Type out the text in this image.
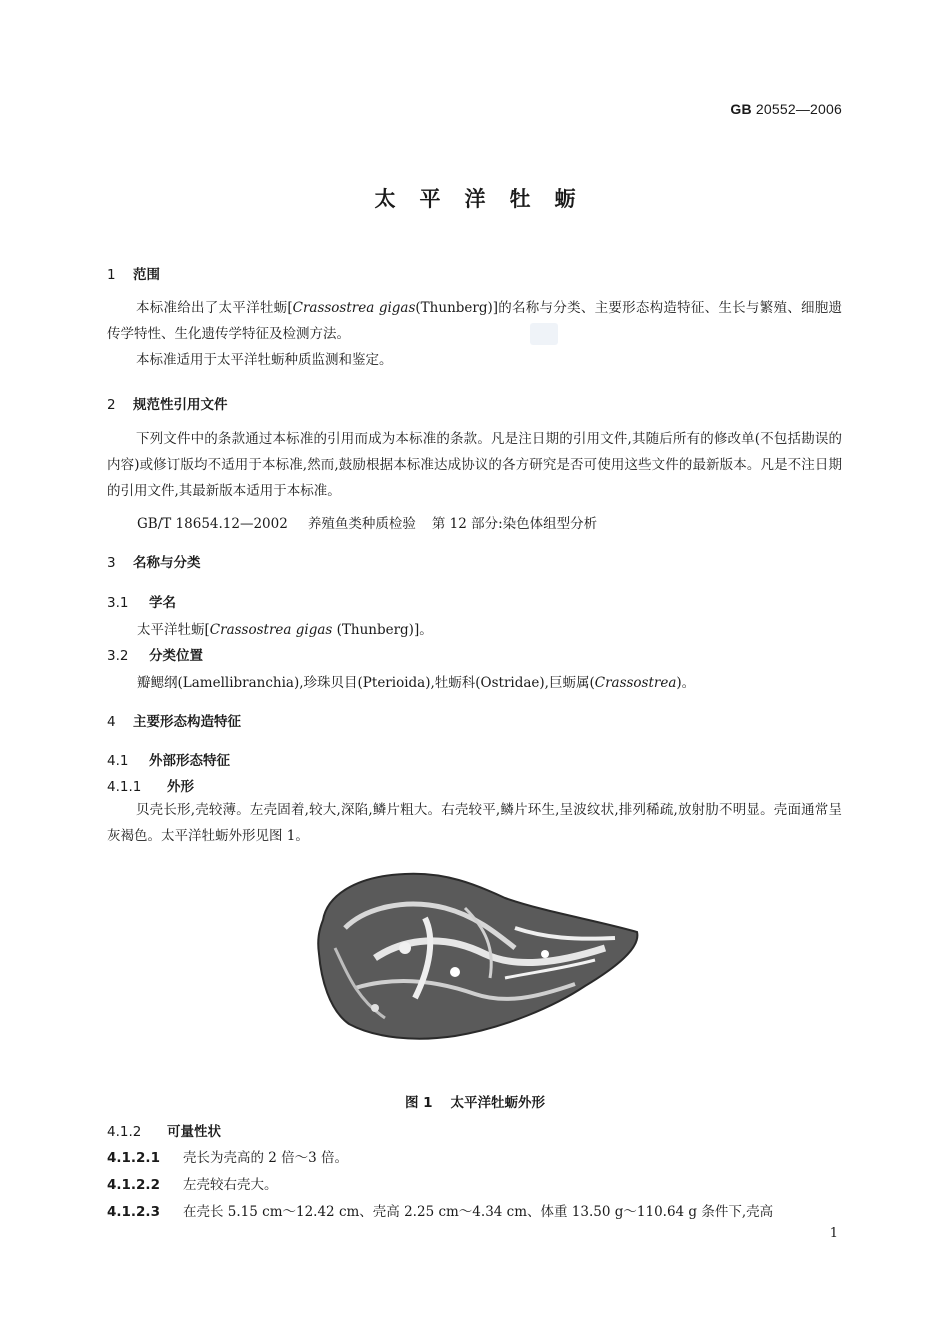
GB 20552—2006
太平洋牡蛎
1 范围
本标准给出了太平洋牡蛎[Crassostrea gigas(Thunberg)]的名称与分类、主要形态构造特征、生长与繁殖、细胞遗传学特性、生化遗传学特征及检测方法。
本标准适用于太平洋牡蛎种质监测和鉴定。
2 规范性引用文件
下列文件中的条款通过本标准的引用而成为本标准的条款。凡是注日期的引用文件,其随后所有的修改单(不包括勘误的内容)或修订版均不适用于本标准,然而,鼓励根据本标准达成协议的各方研究是否可使用这些文件的最新版本。凡是不注日期的引用文件,其最新版本适用于本标准。
GB/T 18654.12—2002 养殖鱼类种质检验 第 12 部分:染色体组型分析
3 名称与分类
3.1 学名
太平洋牡蛎[Crassostrea gigas (Thunberg)]。
3.2 分类位置
瓣鳃纲(Lamellibranchia),珍珠贝目(Pterioida),牡蛎科(Ostridae),巨蛎属(Crassostrea)。
4 主要形态构造特征
4.1 外部形态特征
4.1.1 外形
贝壳长形,壳较薄。左壳固着,较大,深陷,鳞片粗大。右壳较平,鳞片环生,呈波纹状,排列稀疏,放射肋不明显。壳面通常呈灰褐色。太平洋牡蛎外形见图 1。
图 1 太平洋牡蛎外形
4.1.2 可量性状
4.1.2.1 壳长为壳高的 2 倍～3 倍。
4.1.2.2 左壳较右壳大。
4.1.2.3 在壳长 5.15 cm～12.42 cm、壳高 2.25 cm～4.34 cm、体重 13.50 g～110.64 g 条件下,壳高
1
